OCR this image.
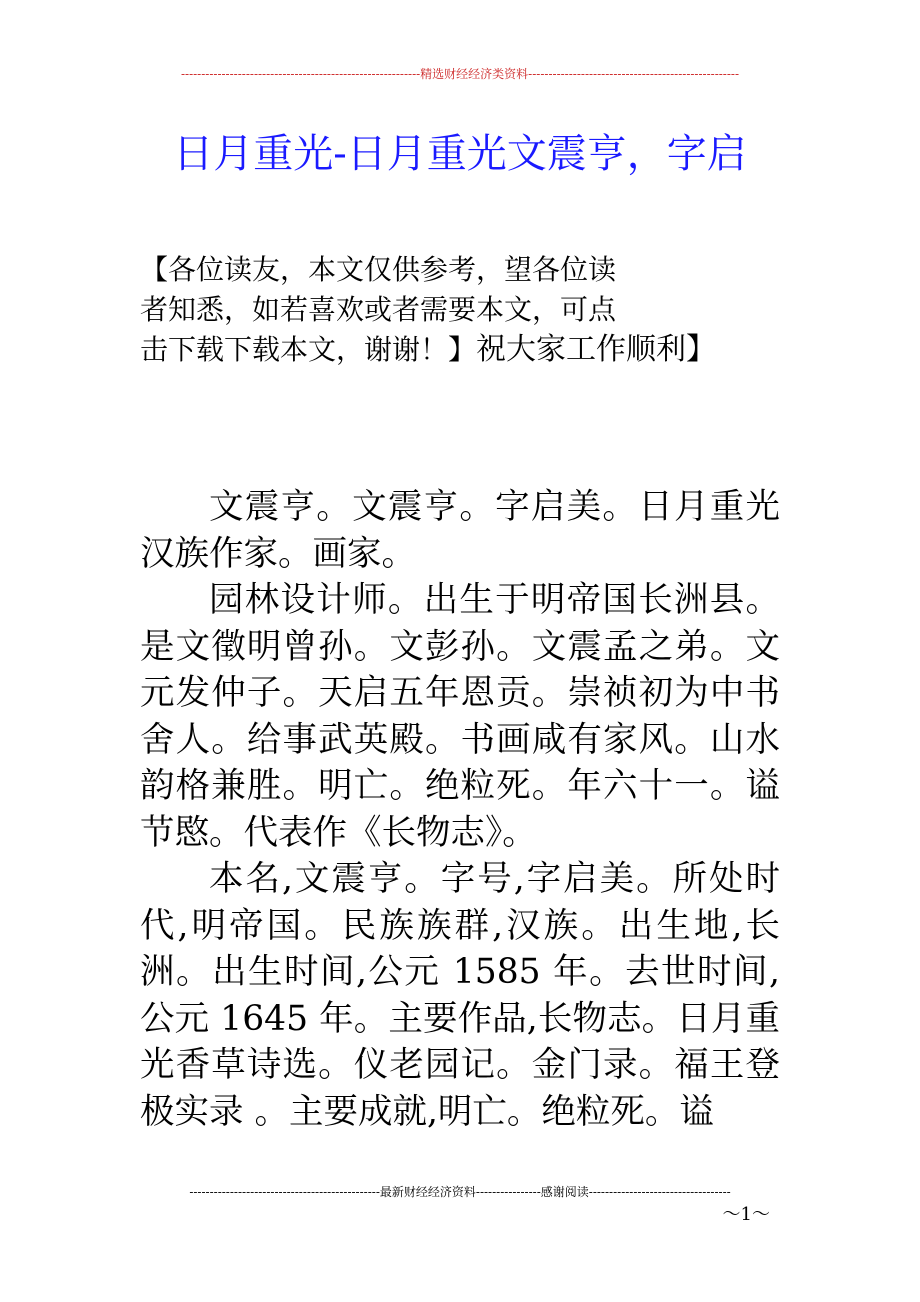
-----------------------------------------------------------精选财经经济类资料----------------------------------------------------
日月重光-日月重光文震亨，字启
【各位读友，本文仅供参考，望各位读
者知悉，如若喜欢或者需要本文，可点
击下载下载本文，谢谢！】祝大家工作顺利】

文震亨。文震亨。字启美。日月重光汉族作家。画家。

园林设计师。出生于明帝国长洲县。是文徵明曾孙。文彭孙。文震孟之弟。文元发仲子。天启五年恩贡。崇祯初为中书舍人。给事武英殿。书画咸有家风。山水韵格兼胜。明亡。绝粒死。年六十一。谥节愍。代表作《长物志》。

本名,文震亨。字号,字启美。所处时代,明帝国。民族族群,汉族。出生地,长洲。出生时间,公元 1585 年。去世时间,公元 1645 年。主要作品,长物志。日月重光香草诗选。仪老园记。金门录。福王登极实录 。主要成就,明亡。绝粒死。谥

-----------------------------------------------最新财经经济资料----------------感谢阅读-----------------------------------
～1～
